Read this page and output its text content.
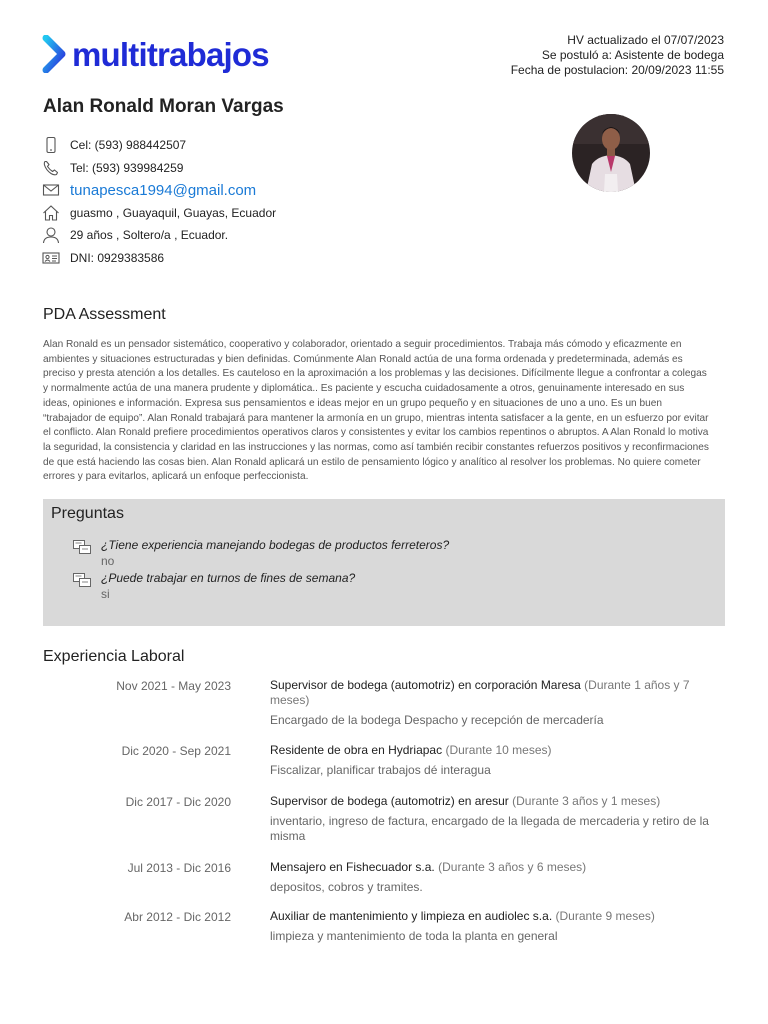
multitrabajos	HV actualizado el 07/07/2023
Se postuló a: Asistente de bodega
Fecha de postulacion: 20/09/2023 11:55
Alan Ronald Moran Vargas
Cel: (593) 988442507
Tel: (593) 939984259
tunapesca1994@gmail.com
guasmo , Guayaquil, Guayas, Ecuador
29 años , Soltero/a , Ecuador.
DNI: 0929383586
PDA Assessment

Alan Ronald es un pensador sistemático, cooperativo y colaborador, orientado a seguir procedimientos. Trabaja más cómodo y eficazmente en ambientes y situaciones estructuradas y bien definidas. Comúnmente Alan Ronald actúa de una forma ordenada y predeterminada, además es preciso y presta atención a los detalles. Es cauteloso en la aproximación a los problemas y las decisiones. Difícilmente llegue a confrontar a colegas y normalmente actúa de una manera prudente y diplomática.. Es paciente y escucha cuidadosamente a otros, genuinamente interesado en sus ideas, opiniones e información. Expresa sus pensamientos e ideas mejor en un grupo pequeño y en situaciones de uno a uno. Es un buen “trabajador de equipo”. Alan Ronald trabajará para mantener la armonía en un grupo, mientras intenta satisfacer a la gente, en un esfuerzo por evitar el conflicto. Alan Ronald prefiere procedimientos operativos claros y consistentes y evitar los cambios repentinos o abruptos. A Alan Ronald lo motiva la seguridad, la consistencia y claridad en las instrucciones y las normas, como así también recibir constantes refuerzos positivos y reconfirmaciones de que está haciendo las cosas bien. Alan Ronald aplicará un estilo de pensamiento lógico y analítico al resolver los problemas. No quiere cometer errores y para evitarlos, aplicará un enfoque perfeccionista.

Preguntas
¿Tiene experiencia manejando bodegas de productos ferreteros?
no
¿Puede trabajar en turnos de fines de semana?
si
Experiencia Laboral
Nov 2021 - May 2023	Supervisor de bodega (automotriz) en corporación Maresa (Durante 1 años y 7 meses)
Encargado de la bodega Despacho y recepción de mercadería
Dic 2020 - Sep 2021	Residente de obra en Hydriapac (Durante 10 meses)
Fiscalizar, planificar trabajos dé interagua
Dic 2017 - Dic 2020	Supervisor de bodega (automotriz) en aresur (Durante 3 años y 1 meses)
inventario, ingreso de factura, encargado de la llegada de mercaderia y retiro de la misma
Jul 2013 - Dic 2016	Mensajero en Fishecuador s.a. (Durante 3 años y 6 meses)
depositos, cobros y tramites.
Abr 2012 - Dic 2012	Auxiliar de mantenimiento y limpieza en audiolec s.a. (Durante 9 meses)
limpieza y mantenimiento de toda la planta en general
